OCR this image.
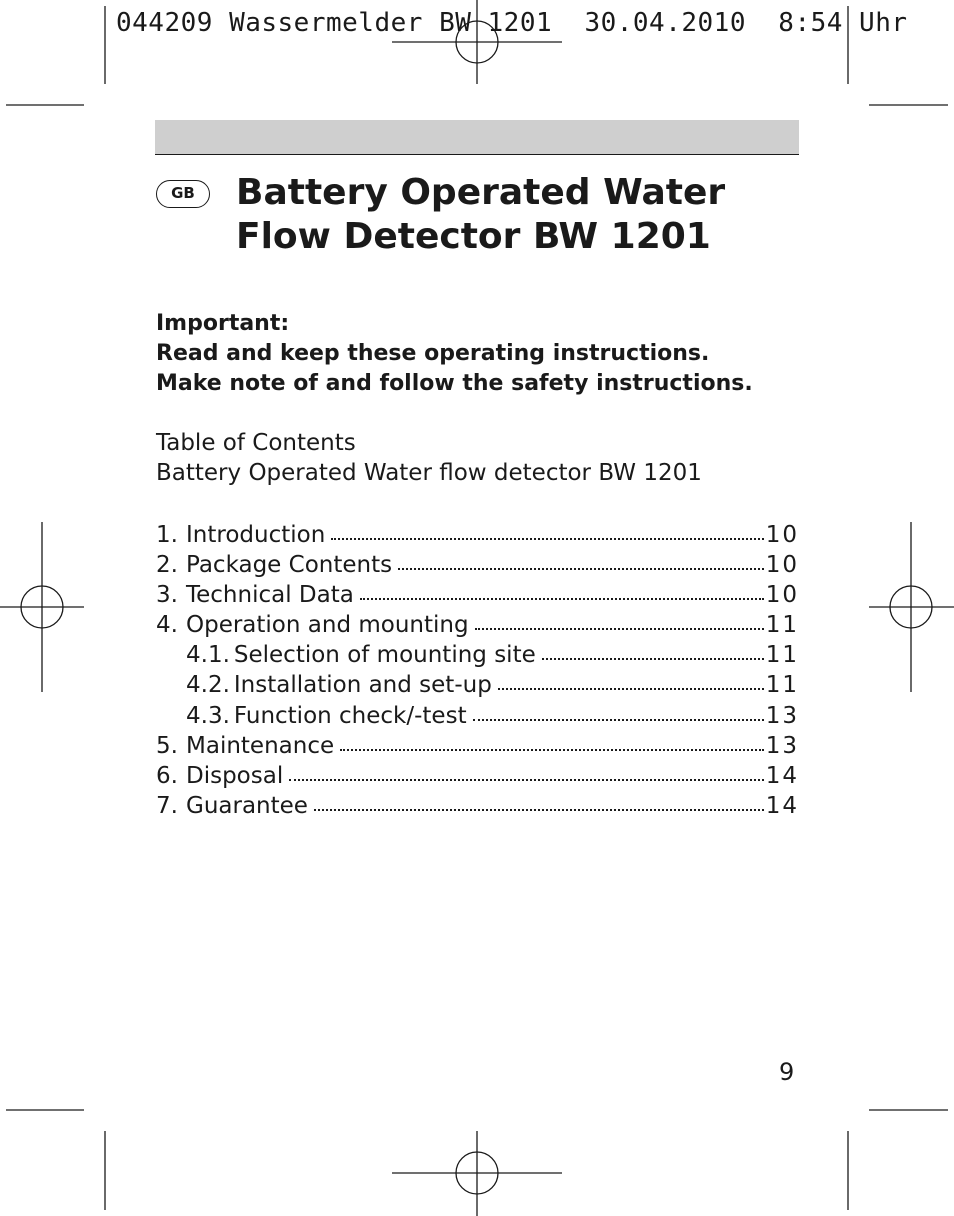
044209 Wassermelder BW 1201  30.04.2010  8:54 Uhr
GB	Battery Operated Water
Flow Detector BW 1201
Important:
Read and keep these operating instructions.
Make note of and follow the safety instructions.
Table of Contents
Battery Operated Water flow detector BW 1201
1. Introduction	10
2. Package Contents	10
3. Technical Data	10
4. Operation and mounting	11
4.1. Selection of mounting site	11
4.2. Installation and set-up	11
4.3. Function check/-test	13
5. Maintenance	13
6. Disposal	14
7. Guarantee	14
9
